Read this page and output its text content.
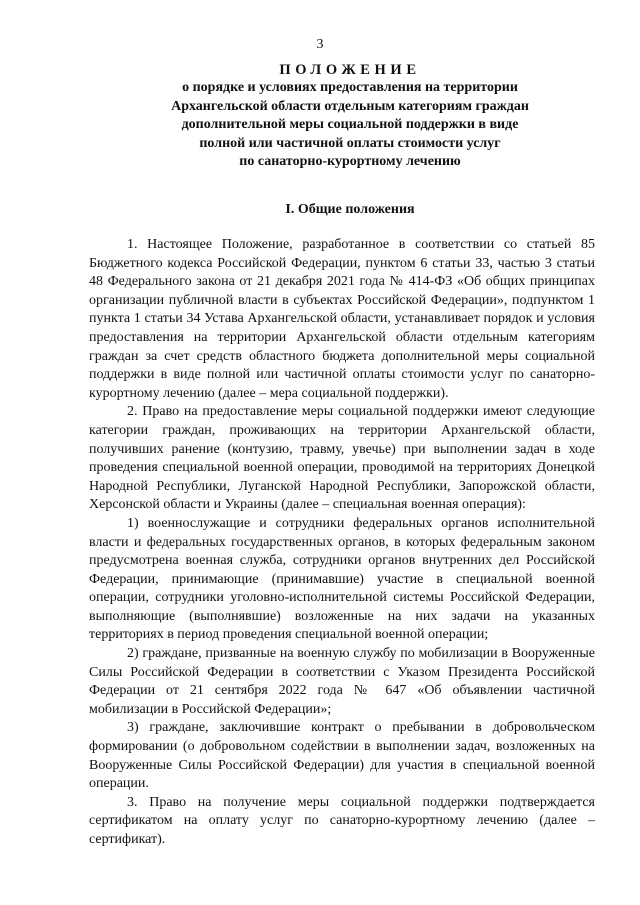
3
ПОЛОЖЕНИЕ
о порядке и условиях предоставления на территории
Архангельской области отдельным категориям граждан
дополнительной меры социальной поддержки в виде
полной или частичной оплаты стоимости услуг
по санаторно-курортному лечению
I. Общие положения

1. Настоящее Положение, разработанное в соответствии со статьей 85 Бюджетного кодекса Российской Федерации, пунктом 6 статьи 33, частью 3 статьи 48 Федерального закона от 21 декабря 2021 года № 414-ФЗ «Об общих принципах организации публичной власти в субъектах Российской Федерации», подпунктом 1 пункта 1 статьи 34 Устава Архангельской области, устанавливает порядок и условия предоставления на территории Архангельской области отдельным категориям граждан за счет средств областного бюджета дополнительной меры социальной поддержки в виде полной или частичной оплаты стоимости услуг по санаторно-курортному лечению (далее – мера социальной поддержки).

2. Право на предоставление меры социальной поддержки имеют следующие категории граждан, проживающих на территории Архангельской области, получивших ранение (контузию, травму, увечье) при выполнении задач в ходе проведения специальной военной операции, проводимой на территориях Донецкой Народной Республики, Луганской Народной Республики, Запорожской области, Херсонской области и Украины (далее – специальная военная операция):

1) военнослужащие и сотрудники федеральных органов исполнительной власти и федеральных государственных органов, в которых федеральным законом предусмотрена военная служба, сотрудники органов внутренних дел Российской Федерации, принимающие (принимавшие) участие в специальной военной операции, сотрудники уголовно-исполнительной системы Российской Федерации, выполняющие (выполнявшие) возложенные на них задачи на указанных территориях в период проведения специальной военной операции;

2) граждане, призванные на военную службу по мобилизации в Вооруженные Силы Российской Федерации в соответствии с Указом Президента Российской Федерации от 21 сентября 2022 года № 647 «Об объявлении частичной мобилизации в Российской Федерации»;

3) граждане, заключившие контракт о пребывании в добровольческом формировании (о добровольном содействии в выполнении задач, возложенных на Вооруженные Силы Российской Федерации) для участия в специальной военной операции.

3. Право на получение меры социальной поддержки подтверждается сертификатом на оплату услуг по санаторно-курортному лечению (далее – сертификат).
